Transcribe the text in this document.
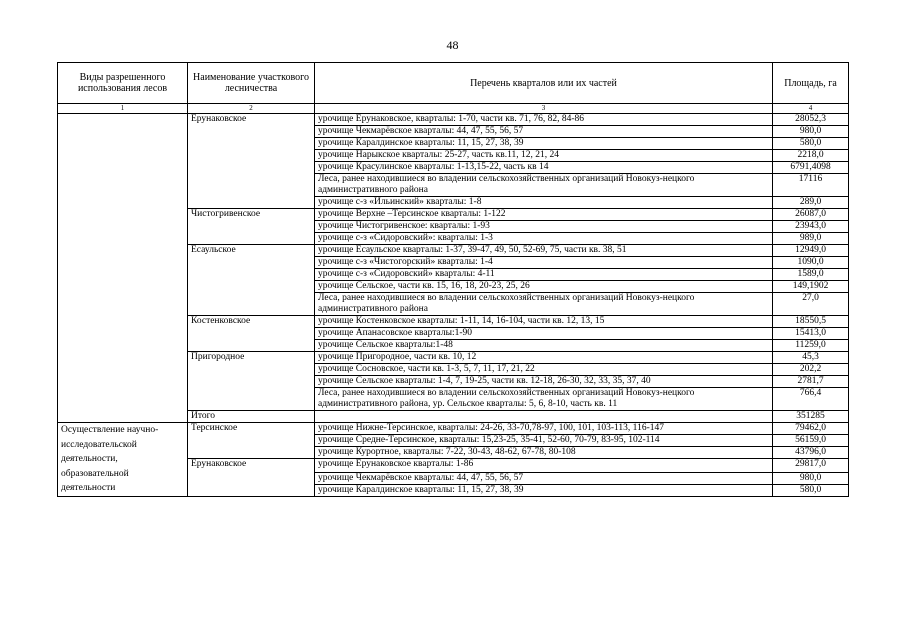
48
Виды разрешенного использования лесов	Наименование участкового лесничества	Перечень кварталов или их частей	Площадь, га
1	2	3	4
	Ерунаковское	урочище Ерунаковское, кварталы: 1-70, части кв. 71, 76, 82, 84-86	28052,3
		урочище Чекмарёвское кварталы: 44, 47, 55, 56, 57	980,0
		урочище Каралдинское кварталы: 11, 15, 27, 38, 39	580,0
		урочище Нарыкское кварталы: 25-27, часть кв.11, 12, 21, 24	2218,0
		урочище Красулинское кварталы: 1-13,15-22, часть кв 14	6791,4098
		Леса, ранее находившиеся во владении сельскохозяйственных организаций Новокуз-нецкого административного района	17116
		урочище с-з «Ильинский» кварталы: 1-8	289,0
	Чистогривенское	урочище Верхне –Терсинское кварталы: 1-122	26087,0
		урочище Чистогривенское: кварталы: 1-93	23943,0
		урочище с-з «Сидоровский»: кварталы: 1-3	989,0
	Есаульское	урочище Есаульское кварталы: 1-37, 39-47, 49, 50, 52-69, 75, части кв. 38, 51	12949,0
		урочище с-з «Чистогорский» кварталы: 1-4	1090,0
		урочище с-з «Сидоровский» кварталы: 4-11	1589,0
		урочище Сельское, части кв. 15, 16, 18, 20-23, 25, 26	149,1902
		Леса, ранее находившиеся во владении сельскохозяйственных организаций Новокуз-нецкого административного района	27,0
	Костенковское	урочище Костенковское кварталы: 1-11, 14, 16-104, части кв. 12, 13, 15	18550,5
		урочище Апанасовское кварталы:1-90	15413,0
		урочище Сельское кварталы:1-48	11259,0
	Пригородное	урочище Пригородное, части кв. 10, 12	45,3
		урочище Сосновское, части кв. 1-3, 5, 7, 11, 17, 21, 22	202,2
		урочище Сельское кварталы: 1-4, 7, 19-25, части кв. 12-18, 26-30, 32, 33, 35, 37, 40	2781,7
		Леса, ранее находившиеся во владении сельскохозяйственных организаций Новокуз-нецкого административного района, ур. Сельское кварталы: 5, 6, 8-10, часть кв. 11	766,4
	Итого		351285
Осуществление научно-исследовательской деятельности, образовательной деятельности	Терсинское	урочище Нижне-Терсинское, кварталы: 24-26, 33-70,78-97, 100, 101, 103-113, 116-147	79462,0
		урочище Средне-Терсинское, кварталы: 15,23-25, 35-41, 52-60, 70-79, 83-95, 102-114	56159,0
		урочище Курортное, кварталы: 7-22, 30-43, 48-62, 67-78, 80-108	43796,0
	Ерунаковское	урочище Ерунаковское кварталы: 1-86	29817,0
		урочище Чекмарёвское кварталы: 44, 47, 55, 56, 57	980,0
		урочище Каралдинское кварталы: 11, 15, 27, 38, 39	580,0
